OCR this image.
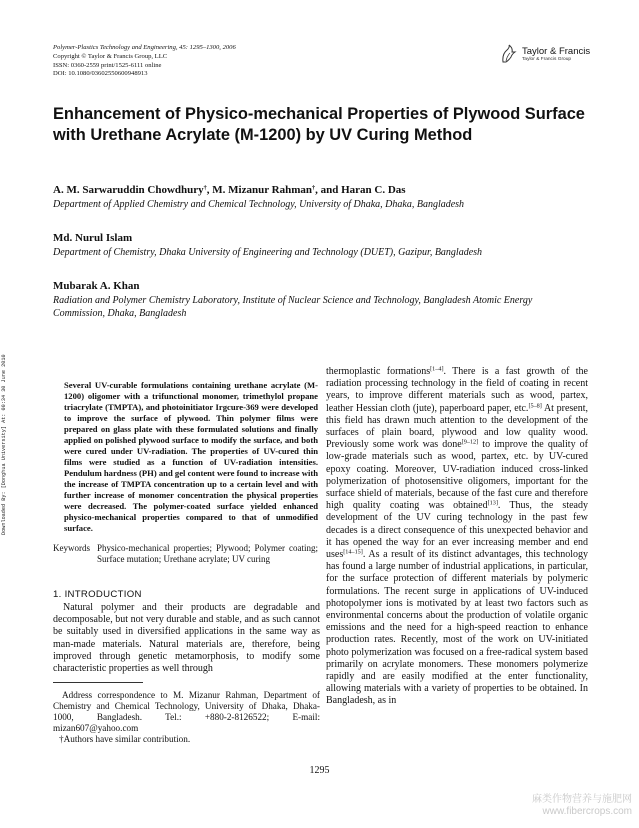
Polymer-Plastics Technology and Engineering, 45: 1295–1300, 2006
Copyright © Taylor & Francis Group, LLC
ISSN: 0360-2559 print/1525-6111 online
DOI: 10.1080/03602550600948913
Taylor & Francis
Taylor & Francis Group
Enhancement of Physico-mechanical Properties of Plywood Surface with Urethane Acrylate (M-1200) by UV Curing Method
A. M. Sarwaruddin Chowdhury†, M. Mizanur Rahman†, and Haran C. Das
Department of Applied Chemistry and Chemical Technology, University of Dhaka, Dhaka, Bangladesh
Md. Nurul Islam
Department of Chemistry, Dhaka University of Engineering and Technology (DUET), Gazipur, Bangladesh
Mubarak A. Khan
Radiation and Polymer Chemistry Laboratory, Institute of Nuclear Science and Technology, Bangladesh Atomic Energy Commission, Dhaka, Bangladesh
Downloaded By: [Donghua University] At: 00:34 30 June 2010	Several UV-curable formulations containing urethane acrylate (M-1200) oligomer with a trifunctional monomer, trimethylol propane triacrylate (TMPTA), and photoinitiator Irgcure-369 were developed to improve the surface of plywood. Thin polymer films were prepared on glass plate with these formulated solutions and finally applied on polished plywood surface to modify the surface, and both were cured under UV-radiation. The properties of UV-cured thin films were studied as a function of UV-radiation intensities. Pendulum hardness (PH) and gel content were found to increase with the increase of TMPTA concentration up to a certain level and with further increase of monomer concentration the physical properties were decreased. The polymer-coated surface yielded enhanced physico-mechanical properties compared to that of unmodified surface.
Keywords Physico-mechanical properties; Plywood; Polymer coating; Surface mutation; Urethane acrylate; UV curing
1. INTRODUCTION
Natural polymer and their products are degradable and decomposable, but not very durable and stable, and as such cannot be suitably used in diversified applications in the same way as man-made materials. Natural materials are, therefore, being improved through genetic metamorphosis, to modify some characteristic properties as well through
Address correspondence to M. Mizanur Rahman, Department of Chemistry and Chemical Technology, University of Dhaka, Dhaka-1000, Bangladesh. Tel.: +880-2-8126522; E-mail: mizan607@yahoo.com
†Authors have similar contribution.
thermoplastic formations[1–4]. There is a fast growth of the radiation processing technology in the field of coating in recent years, to improve different materials such as wood, partex, leather Hessian cloth (jute), paperboard paper, etc.[5–8] At present, this field has drawn much attention to the development of the surfaces of plain board, plywood and low quality wood. Previously some work was done[9–12] to improve the quality of low-grade materials such as wood, partex, etc. by UV-cured epoxy coating. Moreover, UV-radiation induced cross-linked polymerization of photosensitive oligomers, important for the surface shield of materials, because of the fast cure and therefore high quality coating was obtained[13]. Thus, the steady development of the UV curing technology in the past few decades is a direct consequence of this unexpected behavior and it has opened the way for an ever increasing member and end uses[14–15]. As a result of its distinct advantages, this technology has found a large number of industrial applications, in particular, for the surface protection of different materials by polymeric formulations. The recent surge in applications of UV-induced photopolymer ions is motivated by at least two factors such as environmental concerns about the production of volatile organic emissions and the need for a high-speed reaction to enhance production rates. Recently, most of the work on UV-initiated photo polymerization was focused on a free-radical system based primarily on acrylate monomers. These monomers polymerize rapidly and are easily modified at the enter functionality, allowing materials with a variety of properties to be obtained. In Bangladesh, as in
1295
麻类作物营养与施肥网
www.fibercrops.com
